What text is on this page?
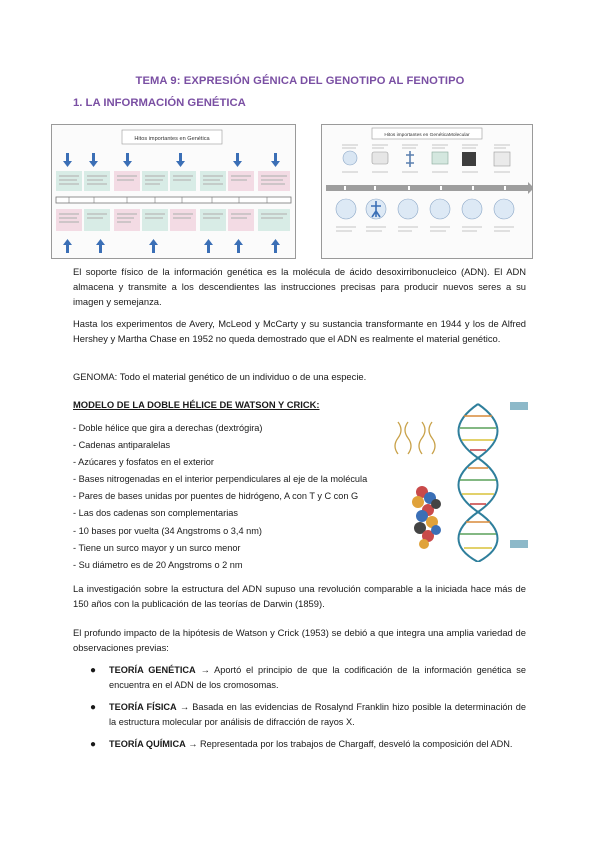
TEMA 9: EXPRESIÓN GÉNICA DEL GENOTIPO AL FENOTIPO
1. LA INFORMACIÓN GENÉTICA
Hitos importantes en Genética
Hitos importantes en GenéticaMolecular

El soporte físico de la información genética es la molécula de ácido desoxirribonucleico (ADN). El ADN almacena y transmite a los descendientes las instrucciones precisas para producir nuevos seres a su imagen y semejanza.

Hasta los experimentos de Avery, McLeod y McCarty y su sustancia transformante en 1944 y los de Alfred Hershey y Martha Chase en 1952 no queda demostrado que el ADN es realmente el material genético.

GENOMA: Todo el material genético de un individuo o de una especie.

MODELO DE LA DOBLE HÉLICE DE WATSON Y CRICK:
- Doble hélice que gira a derechas (dextrógira)
- Cadenas antiparalelas
- Azúcares y fosfatos en el exterior
- Bases nitrogenadas en el interior perpendiculares al eje de la molécula
- Pares de bases unidas por puentes de hidrógeno, A con T y C con G
- Las dos cadenas son complementarias
- 10 bases por vuelta (34 Angstroms o 3,4 nm)
- Tiene un surco mayor y un surco menor
- Su diámetro es de 20 Angstroms o 2 nm

La investigación sobre la estructura del ADN supuso una revolución comparable a la iniciada hace más de 150 años con la publicación de las teorías de Darwin (1859).

El profundo impacto de la hipótesis de Watson y Crick (1953) se debió a que integra una amplia variedad de observaciones previas:

● TEORÍA GENÉTICA → Aportó el principio de que la codificación de la información genética se encuentra en el ADN de los cromosomas.
● TEORÍA FÍSICA → Basada en las evidencias de Rosalynd Franklin hizo posible la determinación de la estructura molecular por análisis de difracción de rayos X.
● TEORÍA QUÍMICA → Representada por los trabajos de Chargaff, desveló la composición del ADN.
